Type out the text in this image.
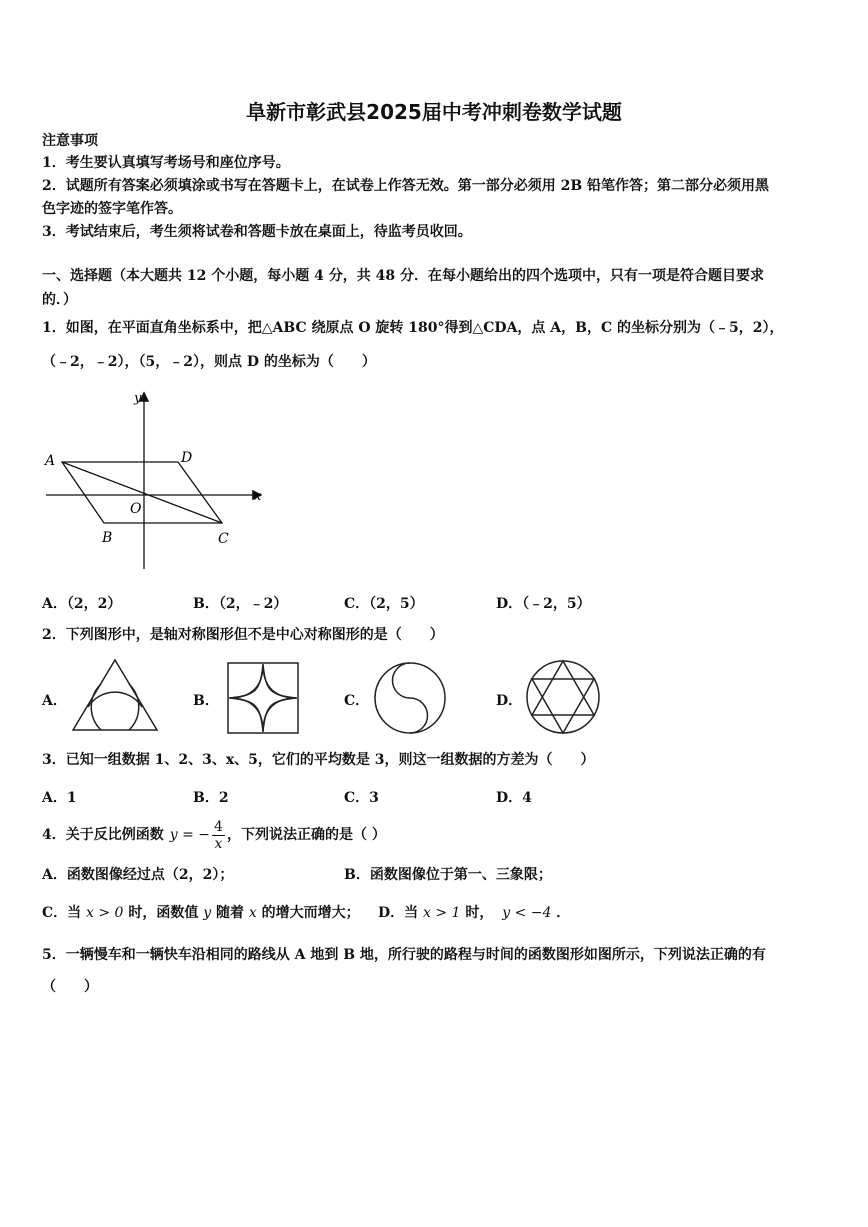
阜新市彰武县2025届中考冲刺卷数学试题
注意事项
1．考生要认真填写考场号和座位序号。
2．试题所有答案必须填涂或书写在答题卡上，在试卷上作答无效。第一部分必须用 2B 铅笔作答；第二部分必须用黑
色字迹的签字笔作答。
3．考试结束后，考生须将试卷和答题卡放在桌面上，待监考员收回。
一、选择题（本大题共 12 个小题，每小题 4 分，共 48 分．在每小题给出的四个选项中，只有一项是符合题目要求
的．）
1．如图，在平面直角坐标系中，把△ABC 绕原点 O 旋转 180°得到△CDA，点 A，B，C 的坐标分别为（﹣5，2），
（﹣2，﹣2），（5，﹣2），则点 D 的坐标为（　　）
y
x
A	D
O
B	C
A．（2，2）	B．（2，﹣2）	C．（2，5）	D．（﹣2，5）
2．下列图形中，是轴对称图形但不是中心对称图形的是（　　）
A．	B．	C．	D．
3．已知一组数据 1、2、3、x、5，它们的平均数是 3，则这一组数据的方差为（　　）
A．1	B．2	C．3	D．4
4．关于反比例函数 y = − $\frac{4}{x}$ ，下列说法正确的是（ ）
A．函数图像经过点（2，2）；	B．函数图像位于第一、三象限；
C．当 x > 0 时，函数值 y 随着 x 的增大而增大； D．当 x > 1 时， y < −4 ．
5．一辆慢车和一辆快车沿相同的路线从 A 地到 B 地，所行驶的路程与时间的函数图形如图所示，下列说法正确的有
（　　）
